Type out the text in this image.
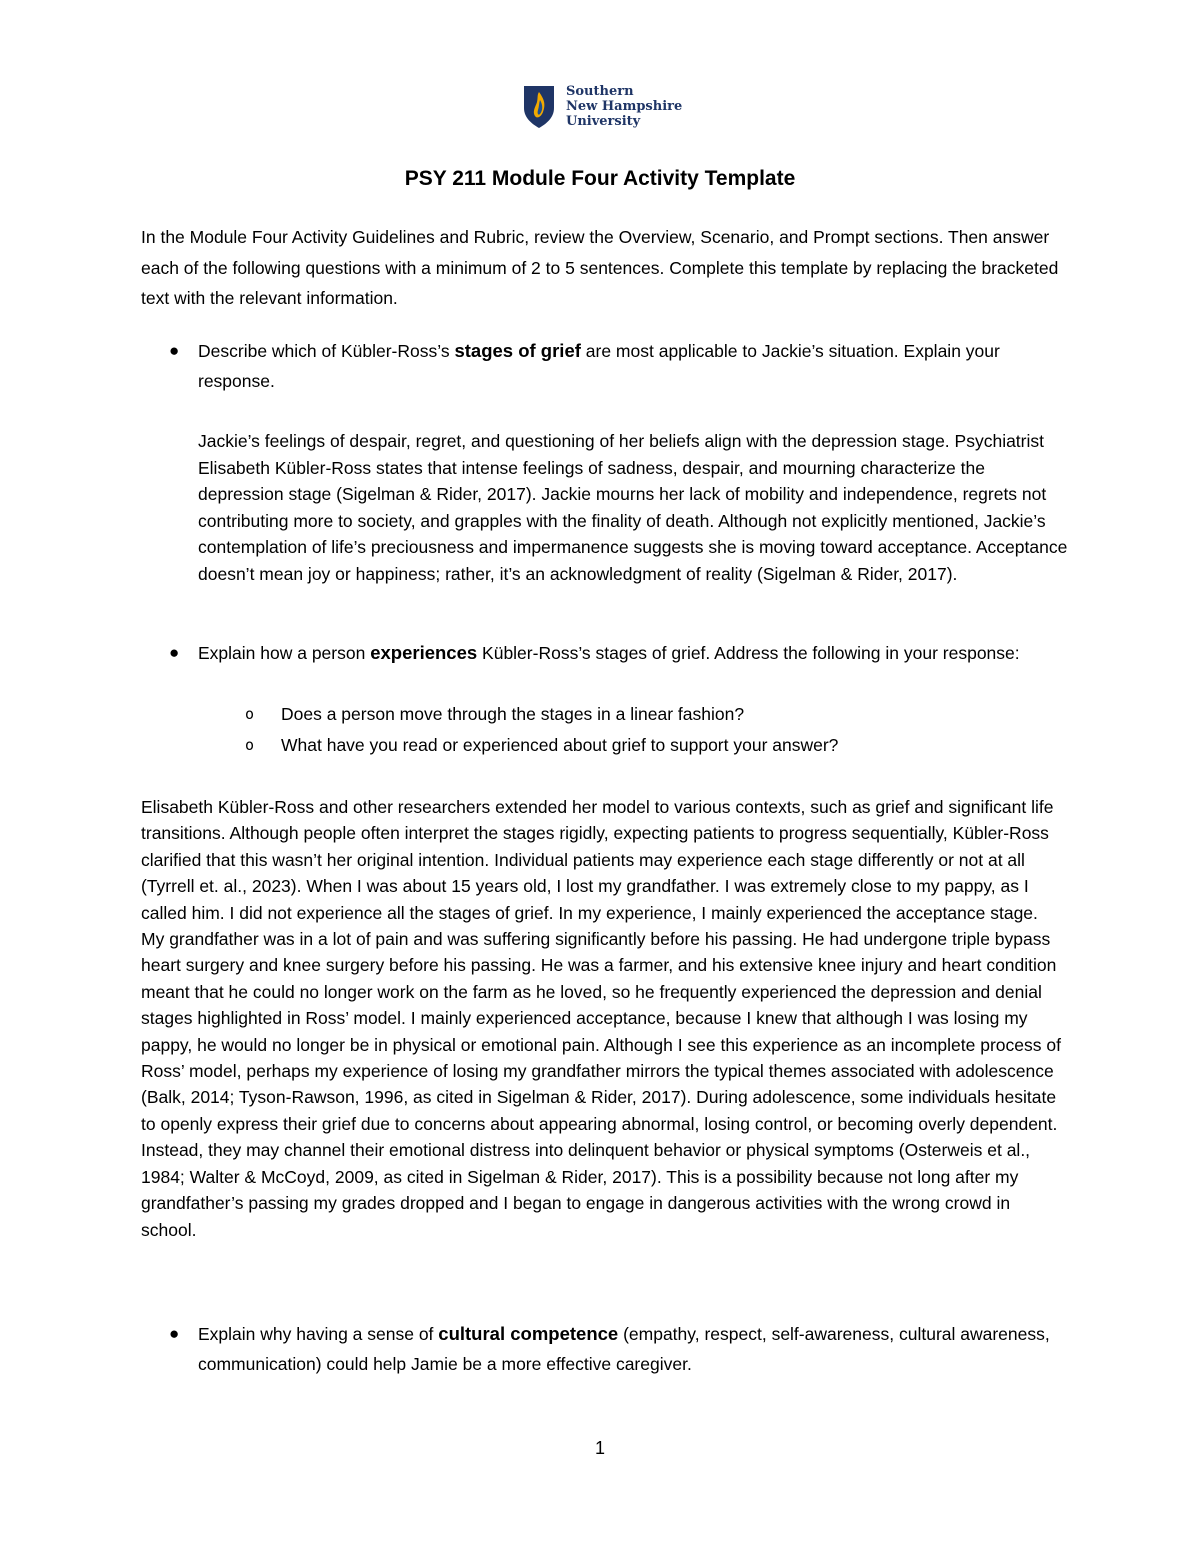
Southern
New Hampshire
University
PSY 211 Module Four Activity Template
In the Module Four Activity Guidelines and Rubric, review the Overview, Scenario, and Prompt sections. Then answer each of the following questions with a minimum of 2 to 5 sentences. Complete this template by replacing the bracketed text with the relevant information.
● Describe which of Kübler-Ross’s stages of grief are most applicable to Jackie’s situation. Explain your response.
Jackie’s feelings of despair, regret, and questioning of her beliefs align with the depression stage. Psychiatrist Elisabeth Kübler-Ross states that intense feelings of sadness, despair, and mourning characterize the depression stage (Sigelman & Rider, 2017). Jackie mourns her lack of mobility and independence, regrets not contributing more to society, and grapples with the finality of death. Although not explicitly mentioned, Jackie’s contemplation of life’s preciousness and impermanence suggests she is moving toward acceptance. Acceptance doesn’t mean joy or happiness; rather, it’s an acknowledgment of reality (Sigelman & Rider, 2017).
● Explain how a person experiences Kübler-Ross’s stages of grief. Address the following in your response:
o Does a person move through the stages in a linear fashion?
o What have you read or experienced about grief to support your answer?
Elisabeth Kübler-Ross and other researchers extended her model to various contexts, such as grief and significant life transitions. Although people often interpret the stages rigidly, expecting patients to progress sequentially, Kübler-Ross clarified that this wasn’t her original intention. Individual patients may experience each stage differently or not at all (Tyrrell et. al., 2023). When I was about 15 years old, I lost my grandfather. I was extremely close to my pappy, as I called him. I did not experience all the stages of grief. In my experience, I mainly experienced the acceptance stage. My grandfather was in a lot of pain and was suffering significantly before his passing. He had undergone triple bypass heart surgery and knee surgery before his passing. He was a farmer, and his extensive knee injury and heart condition meant that he could no longer work on the farm as he loved, so he frequently experienced the depression and denial stages highlighted in Ross’ model. I mainly experienced acceptance, because I knew that although I was losing my pappy, he would no longer be in physical or emotional pain. Although I see this experience as an incomplete process of Ross’ model, perhaps my experience of losing my grandfather mirrors the typical themes associated with adolescence (Balk, 2014; Tyson-Rawson, 1996, as cited in Sigelman & Rider, 2017). During adolescence, some individuals hesitate to openly express their grief due to concerns about appearing abnormal, losing control, or becoming overly dependent. Instead, they may channel their emotional distress into delinquent behavior or physical symptoms (Osterweis et al., 1984; Walter & McCoyd, 2009, as cited in Sigelman & Rider, 2017). This is a possibility because not long after my grandfather’s passing my grades dropped and I began to engage in dangerous activities with the wrong crowd in school.
● Explain why having a sense of cultural competence (empathy, respect, self-awareness, cultural awareness, communication) could help Jamie be a more effective caregiver.
1
